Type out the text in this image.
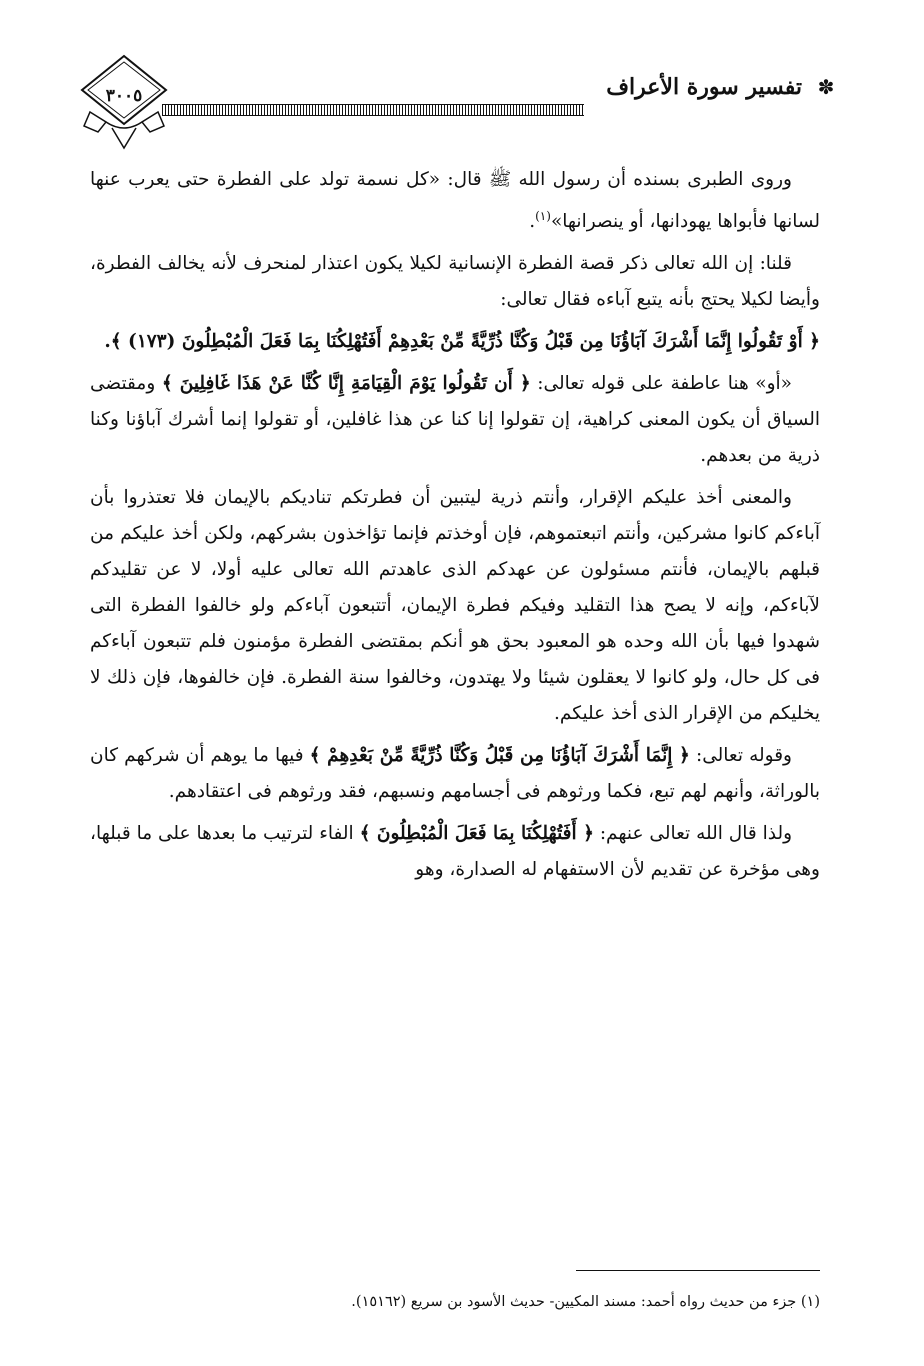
✽
تفسير سورة الأعراف
٣٠٠٥

وروى الطبرى بسنده أن رسول الله ﷺ قال: «كل نسمة تولد على الفطرة حتى يعرب عنها لسانها فأبواها يهودانها، أو ينصرانها»$^{(١)}$.

قلنا: إن الله تعالى ذكر قصة الفطرة الإنسانية لكيلا يكون اعتذار لمنحرف لأنه يخالف الفطرة، وأيضا لكيلا يحتج بأنه يتبع آباءه فقال تعالى:

﴿ أَوْ تَقُولُوا إِنَّمَا أَشْرَكَ آبَاؤُنَا مِن قَبْلُ وَكُنَّا ذُرِّيَّةً مِّنْ بَعْدِهِمْ أَفَتُهْلِكُنَا بِمَا فَعَلَ الْمُبْطِلُونَ (١٧٣) ﴾.

«أو» هنا عاطفة على قوله تعالى: ﴿ أَن تَقُولُوا يَوْمَ الْقِيَامَةِ إِنَّا كُنَّا عَنْ هَذَا غَافِلِينَ ﴾ ومقتضى السياق أن يكون المعنى كراهية، إن تقولوا إنا كنا عن هذا غافلين، أو تقولوا إنما أشرك آباؤنا وكنا ذرية من بعدهم.

والمعنى أخذ عليكم الإقرار، وأنتم ذرية ليتبين أن فطرتكم تناديكم بالإيمان فلا تعتذروا بأن آباءكم كانوا مشركين، وأنتم اتبعتموهم، فإن أوخذتم فإنما تؤاخذون بشركهم، ولكن أخذ عليكم من قبلهم بالإيمان، فأنتم مسئولون عن عهدكم الذى عاهدتم الله تعالى عليه أولا، لا عن تقليدكم لآباءكم، وإنه لا يصح هذا التقليد وفيكم فطرة الإيمان، أتتبعون آباءكم ولو خالفوا الفطرة التى شهدوا فيها بأن الله وحده هو المعبود بحق هو أنكم بمقتضى الفطرة مؤمنون فلم تتبعون آباءكم فى كل حال، ولو كانوا لا يعقلون شيئا ولا يهتدون، وخالفوا سنة الفطرة. فإن خالفوها، فإن ذلك لا يخليكم من الإقرار الذى أخذ عليكم.

وقوله تعالى: ﴿ إِنَّمَا أَشْرَكَ آبَاؤُنَا مِن قَبْلُ وَكُنَّا ذُرِّيَّةً مِّنْ بَعْدِهِمْ ﴾ فيها ما يوهم أن شركهم كان بالوراثة، وأنهم لهم تبع، فكما ورثوهم فى أجسامهم ونسبهم، فقد ورثوهم فى اعتقادهم.

ولذا قال الله تعالى عنهم: ﴿ أَفَتُهْلِكُنَا بِمَا فَعَلَ الْمُبْطِلُونَ ﴾ الفاء لترتيب ما بعدها على ما قبلها، وهى مؤخرة عن تقديم لأن الاستفهام له الصدارة، وهو

(١) جزء من حديث رواه أحمد: مسند المكيين- حديث الأسود بن سريع (١٥١٦٢).
